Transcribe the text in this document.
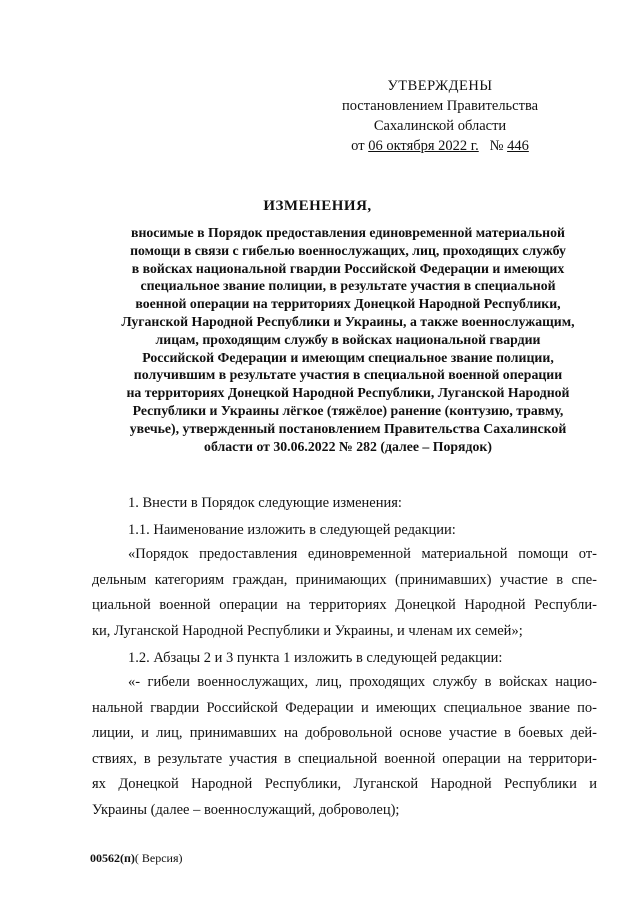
УТВЕРЖДЕНЫ
постановлением Правительства
Сахалинской области
от 06 октября 2022 г. № 446
ИЗМЕНЕНИЯ,
вносимые в Порядок предоставления единовременной материальной
помощи в связи с гибелью военнослужащих, лиц, проходящих службу
в войсках национальной гвардии Российской Федерации и имеющих
специальное звание полиции, в результате участия в специальной
военной операции на территориях Донецкой Народной Республики,
Луганской Народной Республики и Украины, а также военнослужащим,
лицам, проходящим службу в войсках национальной гвардии
Российской Федерации и имеющим специальное звание полиции,
получившим в результате участия в специальной военной операции
на территориях Донецкой Народной Республики, Луганской Народной
Республики и Украины лёгкое (тяжёлое) ранение (контузию, травму,
увечье), утвержденный постановлением Правительства Сахалинской
области от 30.06.2022 № 282 (далее – Порядок)
1. Внести в Порядок следующие изменения:
1.1. Наименование изложить в следующей редакции:
«Порядок предоставления единовременной материальной помощи от-
дельным категориям граждан, принимающих (принимавших) участие в спе-
циальной военной операции на территориях Донецкой Народной Республи-
ки, Луганской Народной Республики и Украины, и членам их семей»;
1.2. Абзацы 2 и 3 пункта 1 изложить в следующей редакции:
«- гибели военнослужащих, лиц, проходящих службу в войсках нацио-
нальной гвардии Российской Федерации и имеющих специальное звание по-
лиции, и лиц, принимавших на добровольной основе участие в боевых дей-
ствиях, в результате участия в специальной военной операции на территори-
ях Донецкой Народной Республики, Луганской Народной Республики и
Украины (далее – военнослужащий, доброволец);
00562(п)( Версия)
